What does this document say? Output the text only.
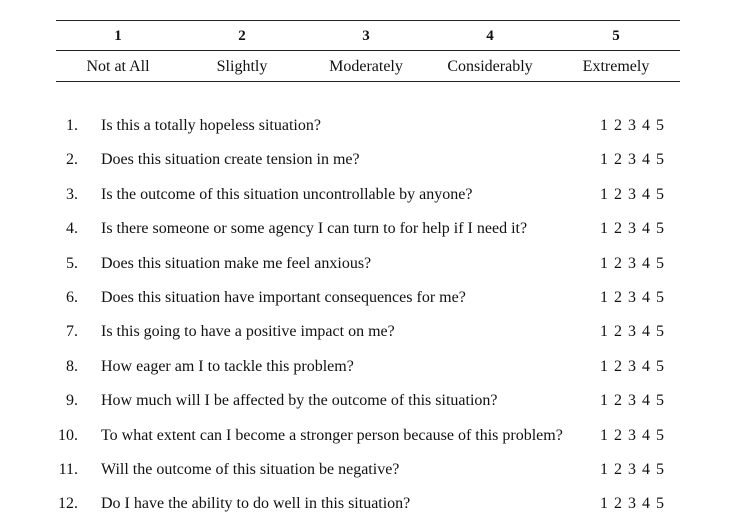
1	2	3	4	5
Not at All	Slightly	Moderately	Considerably	Extremely
1. Is this a totally hopeless situation?	1 2 3 4 5
2. Does this situation create tension in me?	1 2 3 4 5
3. Is the outcome of this situation uncontrollable by anyone?	1 2 3 4 5
4. Is there someone or some agency I can turn to for help if I need it?	1 2 3 4 5
5. Does this situation make me feel anxious?	1 2 3 4 5
6. Does this situation have important consequences for me?	1 2 3 4 5
7. Is this going to have a positive impact on me?	1 2 3 4 5
8. How eager am I to tackle this problem?	1 2 3 4 5
9. How much will I be affected by the outcome of this situation?	1 2 3 4 5
10. To what extent can I become a stronger person because of this problem? 1 2 3 4 5
11. Will the outcome of this situation be negative?	1 2 3 4 5
12. Do I have the ability to do well in this situation?	1 2 3 4 5
